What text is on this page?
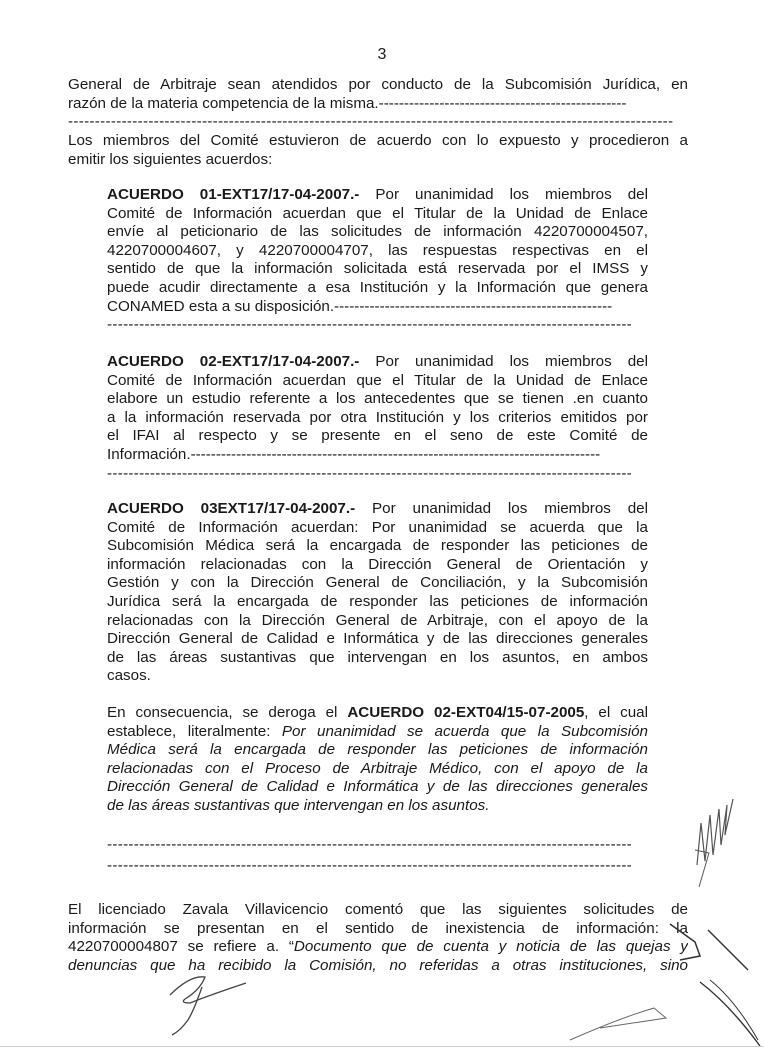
3
General de Arbitraje sean atendidos por conducto de la Subcomisión Jurídica, en
razón de la materia competencia de la misma.-------------------------------------------------
-----------------------------------------------------------------------------------------------------------------
Los miembros del Comité estuvieron de acuerdo con lo expuesto y procedieron a
emitir los siguientes acuerdos:
ACUERDO 01-EXT17/17-04-2007.- Por unanimidad los miembros del
Comité de Información acuerdan que el Titular de la Unidad de Enlace
envíe al peticionario de las solicitudes de información 4220700004507,
4220700004607, y 4220700004707, las respuestas respectivas en el
sentido de que la información solicitada está reservada por el IMSS y
puede acudir directamente a esa Institución y la Información que genera
CONAMED esta a su disposición.-------------------------------------------------------
--------------------------------------------------------------------------------------------------
ACUERDO 02-EXT17/17-04-2007.- Por unanimidad los miembros del
Comité de Información acuerdan que el Titular de la Unidad de Enlace
elabore un estudio referente a los antecedentes que se tienen .en cuanto
a la información reservada por otra Institución y los criterios emitidos por
el IFAI al respecto y se presente en el seno de este Comité de
Información.---------------------------------------------------------------------------------
--------------------------------------------------------------------------------------------------
ACUERDO 03EXT17/17-04-2007.- Por unanimidad los miembros del
Comité de Información acuerdan: Por unanimidad se acuerda que la
Subcomisión Médica será la encargada de responder las peticiones de
información relacionadas con la Dirección General de Orientación y
Gestión y con la Dirección General de Conciliación, y la Subcomisión
Jurídica será la encargada de responder las peticiones de información
relacionadas con la Dirección General de Arbitraje, con el apoyo de la
Dirección General de Calidad e Informática y de las direcciones generales
de las áreas sustantivas que intervengan en los asuntos, en ambos
casos.
En consecuencia, se deroga el ACUERDO 02-EXT04/15-07-2005, el cual
establece, literalmente: Por unanimidad se acuerda que la Subcomisión
Médica será la encargada de responder las peticiones de información
relacionadas con el Proceso de Arbitraje Médico, con el apoyo de la
Dirección General de Calidad e Informática y de las direcciones generales
de las áreas sustantivas que intervengan en los asuntos.
--------------------------------------------------------------------------------------------------
--------------------------------------------------------------------------------------------------
El licenciado Zavala Villavicencio comentó que las siguientes solicitudes de
información se presentan en el sentido de inexistencia de información: la
4220700004807 se refiere a. “Documento que de cuenta y noticia de las quejas y
denuncias que ha recibido la Comisión, no referidas a otras instituciones, sino
